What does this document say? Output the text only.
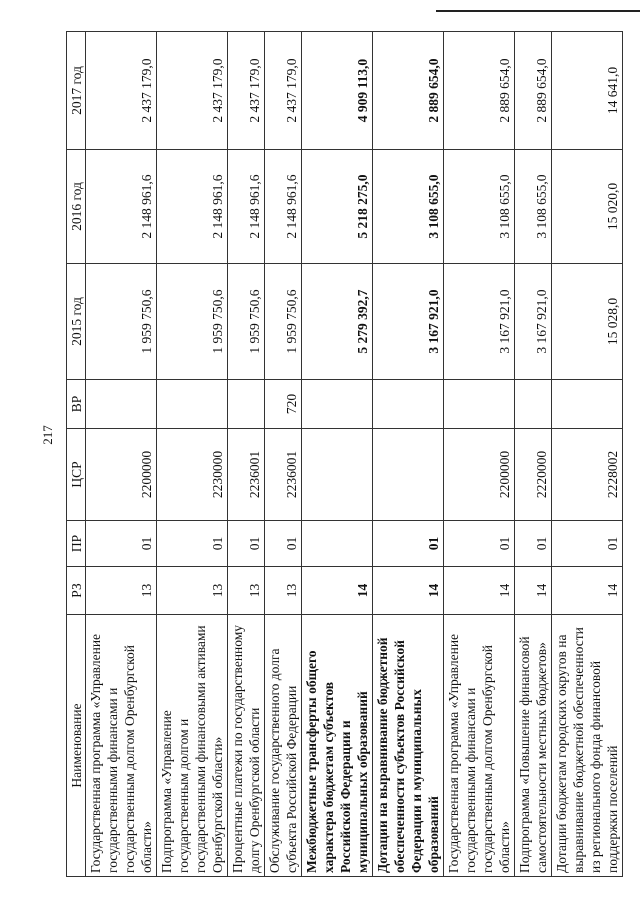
217
Наименование	РЗ	ПР	ЦСР	ВР	2015 год	2016 год	2017 год
Государственная программа «Управление государственными финансами и государственным долгом Оренбургской области»	13	01	2200000		1 959 750,6	2 148 961,6	2 437 179,0
Подпрограмма «Управление государственным долгом и государственными финансовыми активами Оренбургской области»	13	01	2230000		1 959 750,6	2 148 961,6	2 437 179,0
Процентные платежи по государственному долгу Оренбургской области	13	01	2236001		1 959 750,6	2 148 961,6	2 437 179,0
Обслуживание государственного долга субъекта Российской Федерации	13	01	2236001	720	1 959 750,6	2 148 961,6	2 437 179,0
Межбюджетные трансферты общего характера бюджетам субъектов Российской Федерации и муниципальных образований	14				5 279 392,7	5 218 275,0	4 909 113,0
Дотации на выравнивание бюджетной обеспеченности субъектов Российской Федерации и муниципальных образований	14	01			3 167 921,0	3 108 655,0	2 889 654,0
Государственная программа «Управление государственными финансами и государственным долгом Оренбургской области»	14	01	2200000		3 167 921,0	3 108 655,0	2 889 654,0
Подпрограмма «Повышение финансовой самостоятельности местных бюджетов»	14	01	2220000		3 167 921,0	3 108 655,0	2 889 654,0
Дотации бюджетам городских округов на выравнивание бюджетной обеспеченности из регионального фонда финансовой поддержки поселений	14	01	2228002		15 028,0	15 020,0	14 641,0
